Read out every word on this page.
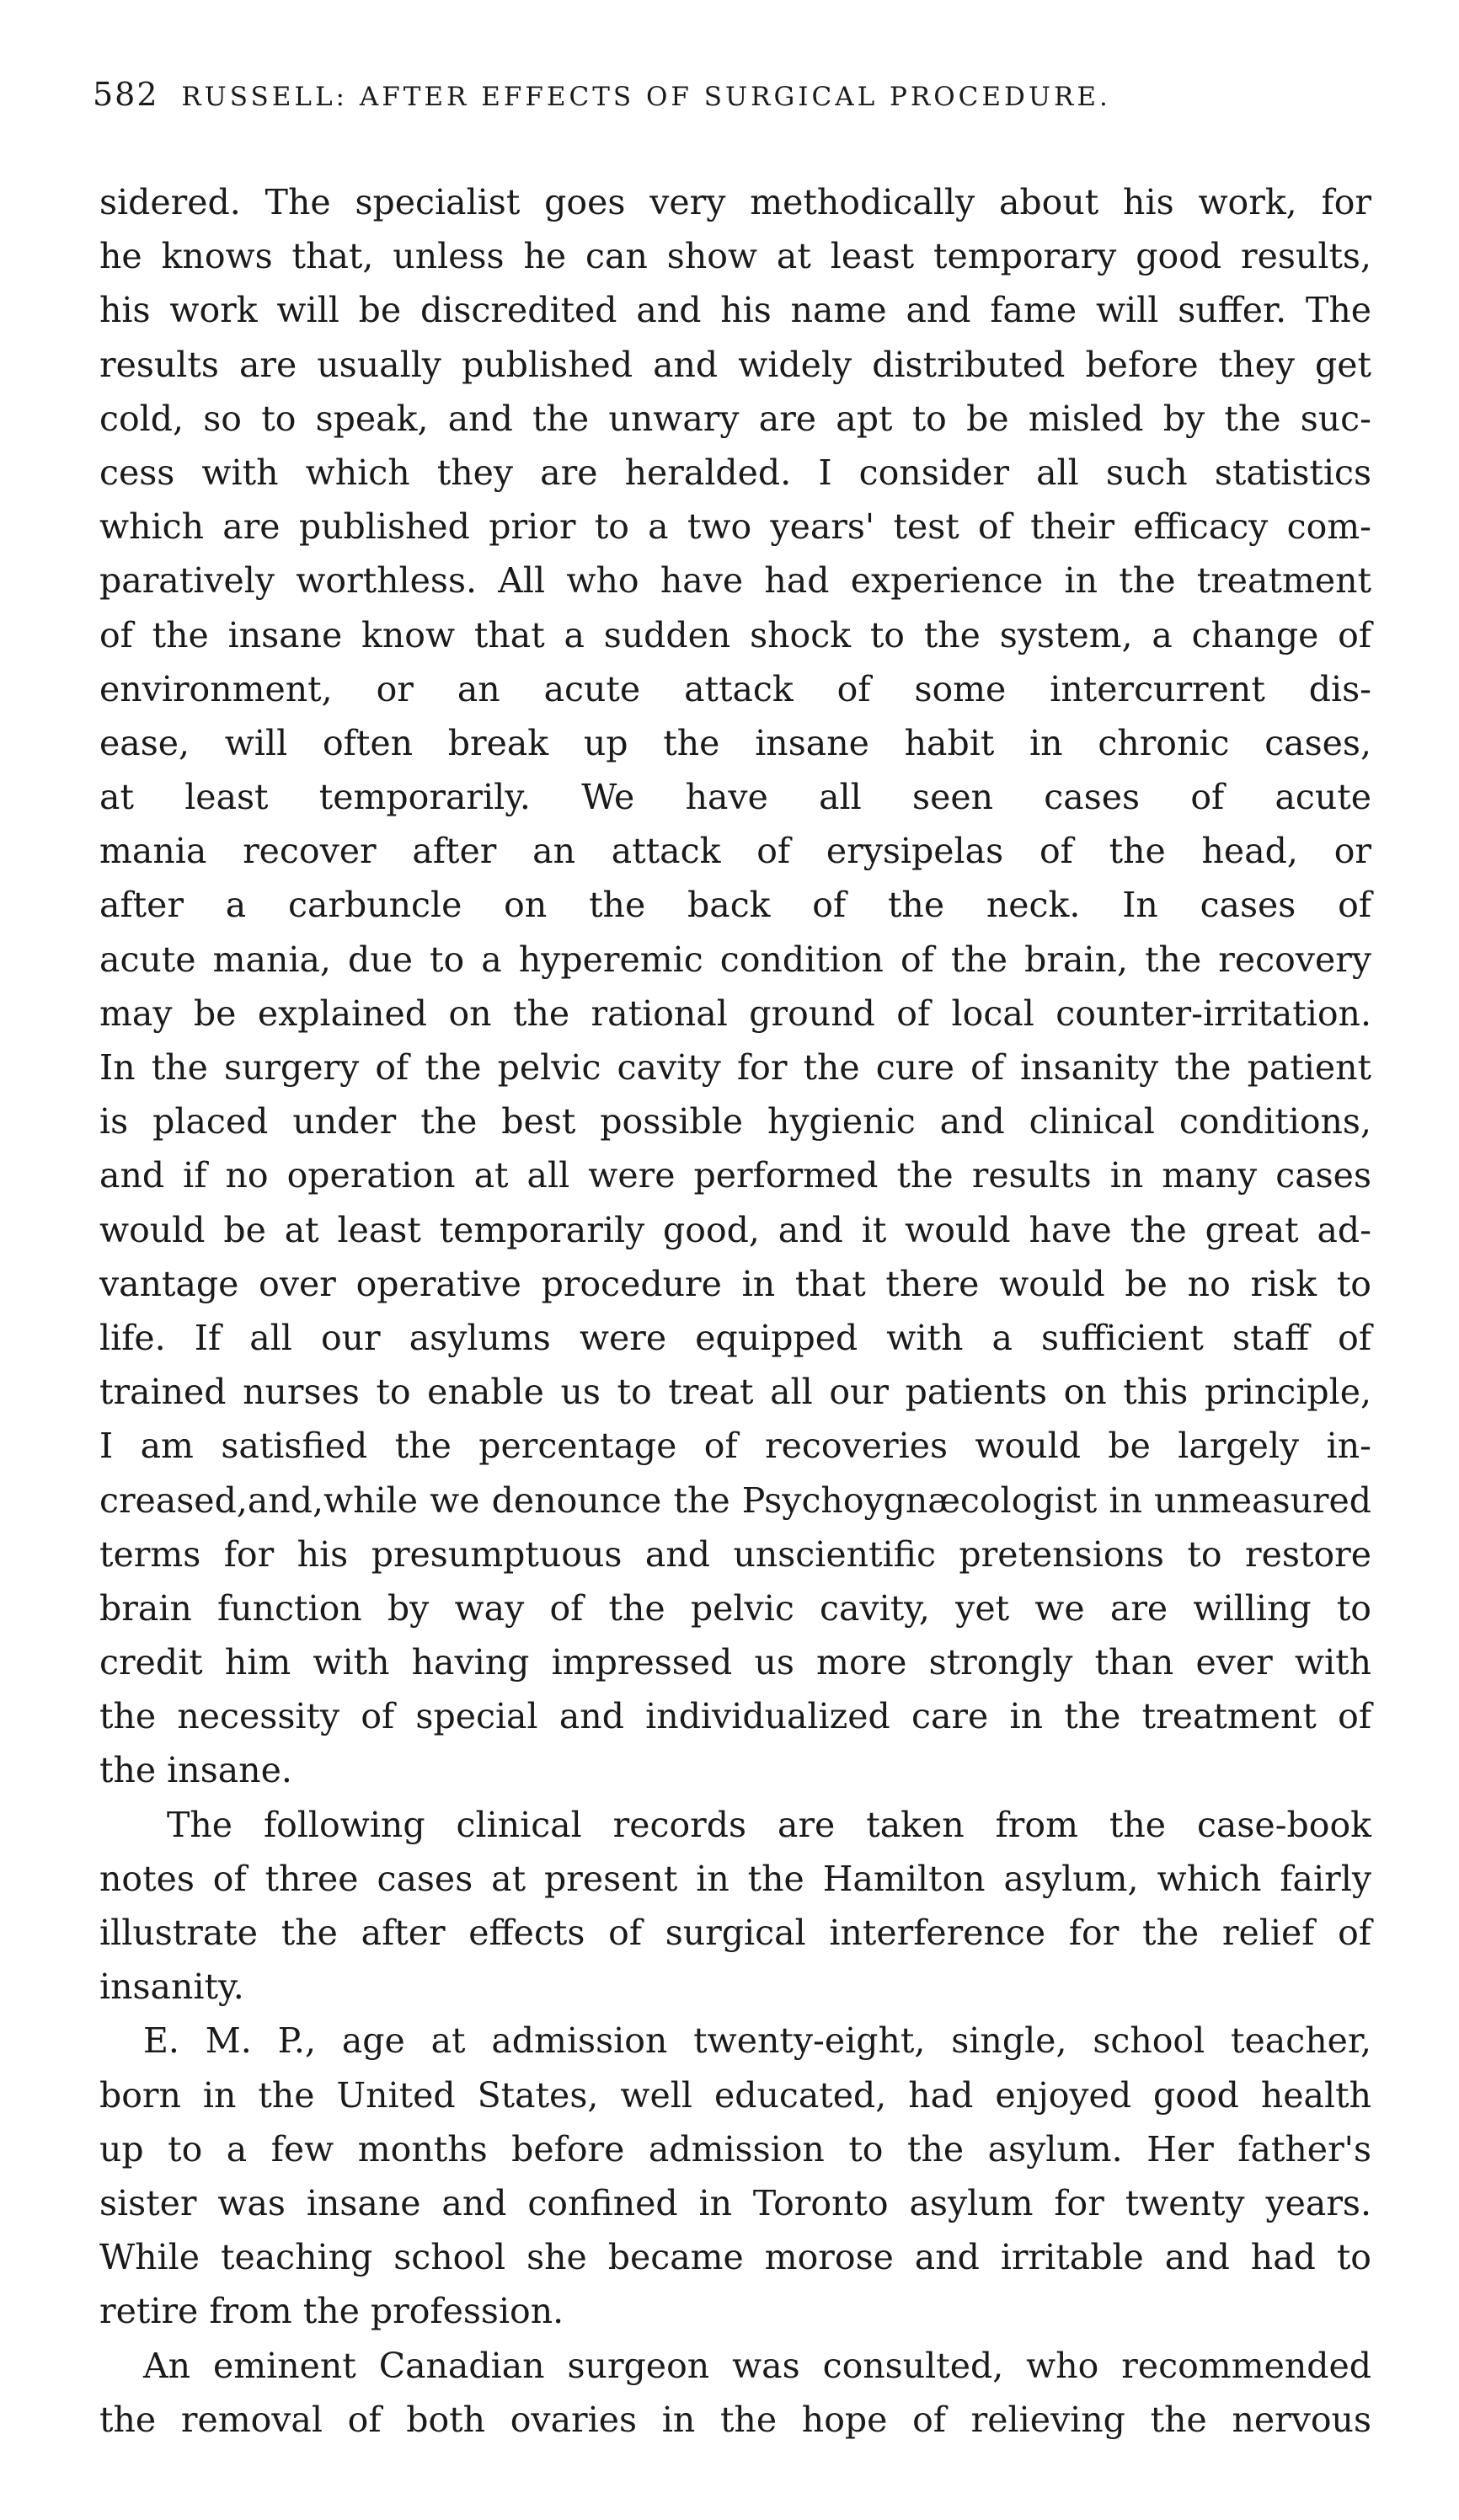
582 RUSSELL: AFTER EFFECTS OF SURGICAL PROCEDURE.
sidered. The specialist goes very methodically about his work, for
he knows that, unless he can show at least temporary good results,
his work will be discredited and his name and fame will suffer. The
results are usually published and widely distributed before they get
cold, so to speak, and the unwary are apt to be misled by the suc-
cess with which they are heralded. I consider all such statistics
which are published prior to a two years' test of their efficacy com-
paratively worthless. All who have had experience in the treatment
of the insane know that a sudden shock to the system, a change of
environment, or an acute attack of some intercurrent dis-
ease, will often break up the insane habit in chronic cases,
at least temporarily. We have all seen cases of acute
mania recover after an attack of erysipelas of the head, or
after a carbuncle on the back of the neck. In cases of
acute mania, due to a hyperemic condition of the brain, the recovery
may be explained on the rational ground of local counter-irritation.
In the surgery of the pelvic cavity for the cure of insanity the patient
is placed under the best possible hygienic and clinical conditions,
and if no operation at all were performed the results in many cases
would be at least temporarily good, and it would have the great ad-
vantage over operative procedure in that there would be no risk to
life. If all our asylums were equipped with a sufficient staff of
trained nurses to enable us to treat all our patients on this principle,
I am satisfied the percentage of recoveries would be largely in-
creased,and,while we denounce the Psychoygnæcologist in unmeasured
terms for his presumptuous and unscientific pretensions to restore
brain function by way of the pelvic cavity, yet we are willing to
credit him with having impressed us more strongly than ever with
the necessity of special and individualized care in the treatment of
the insane.
The following clinical records are taken from the case-book
notes of three cases at present in the Hamilton asylum, which fairly
illustrate the after effects of surgical interference for the relief of
insanity.
E. M. P., age at admission twenty-eight, single, school teacher,
born in the United States, well educated, had enjoyed good health
up to a few months before admission to the asylum. Her father's
sister was insane and confined in Toronto asylum for twenty years.
While teaching school she became morose and irritable and had to
retire from the profession.
An eminent Canadian surgeon was consulted, who recommended
the removal of both ovaries in the hope of relieving the nervous
